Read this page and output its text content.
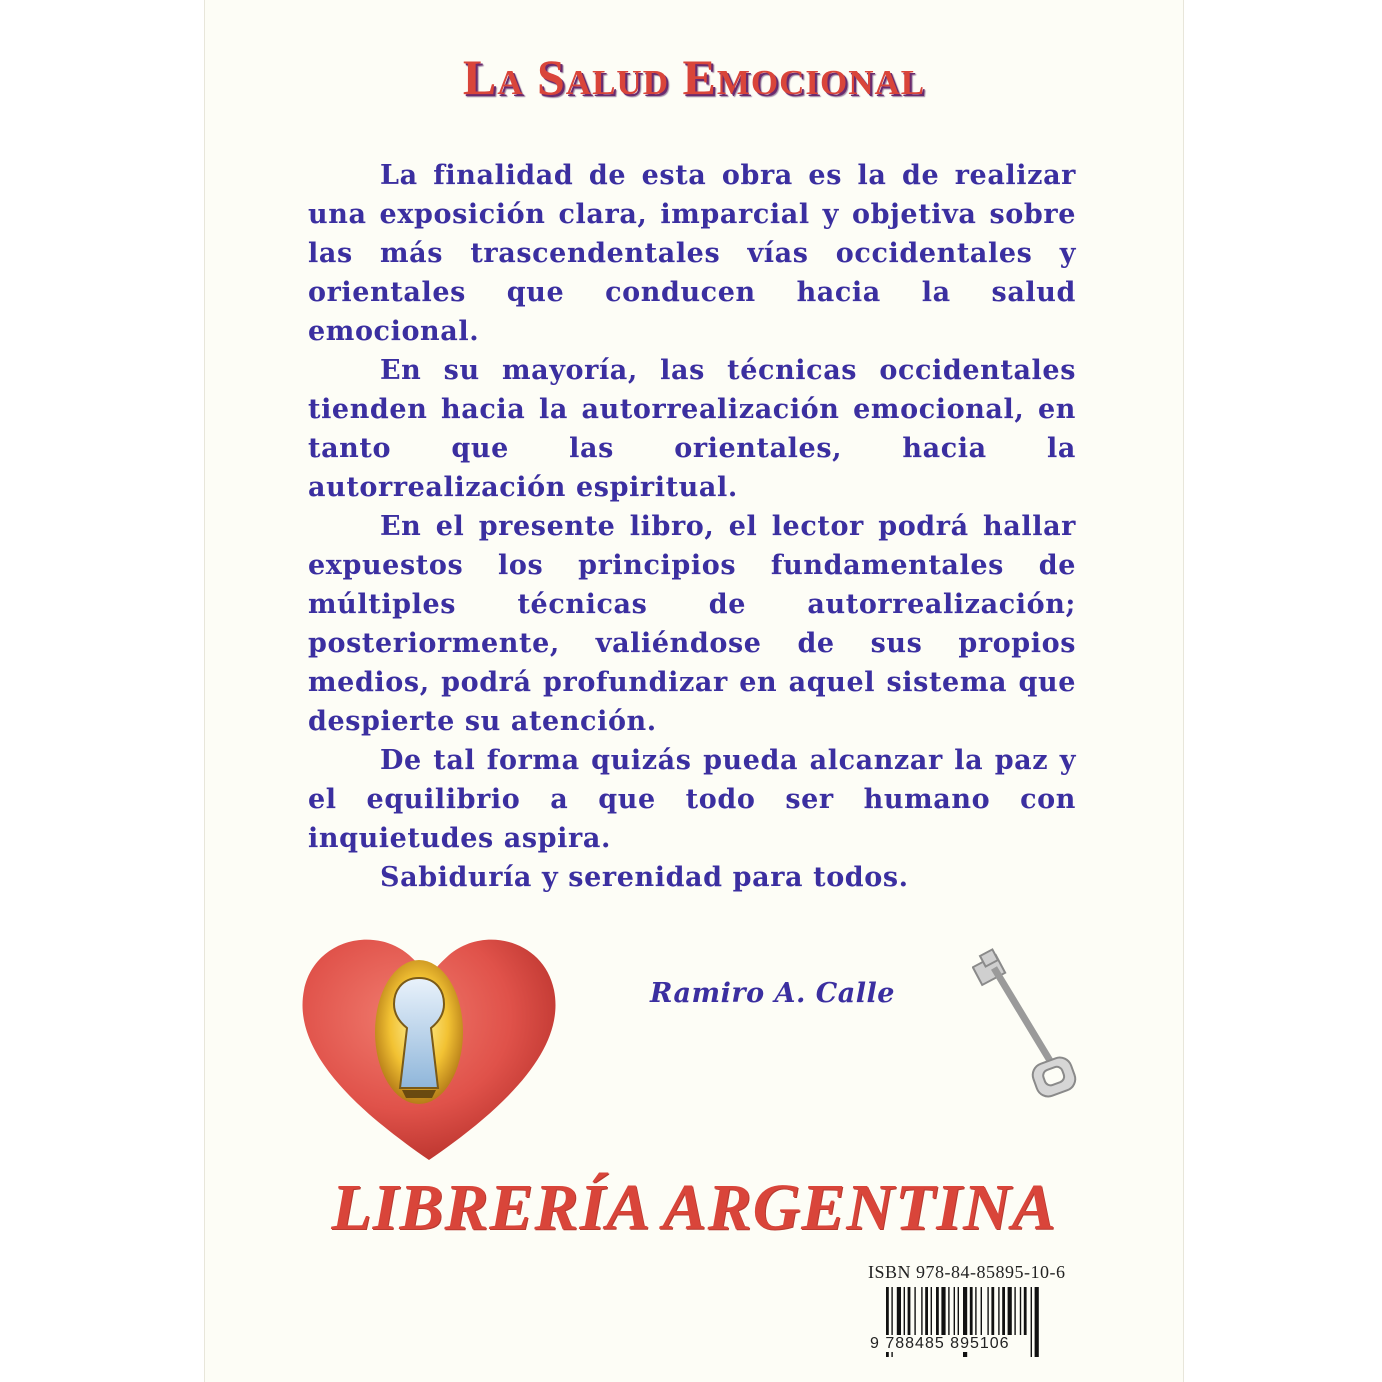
La Salud Emocional

La finalidad de esta obra es la de realizar una exposición clara, imparcial y objetiva sobre las más trascendentales vías occidentales y orientales que conducen hacia la salud emocional.

En su mayoría, las técnicas occidentales tienden hacia la autorrealización emocional, en tanto que las orientales, hacia la autorrealización espiritual.

En el presente libro, el lector podrá hallar expuestos los principios fundamentales de múltiples técnicas de autorrealización; posteriormente, valiéndose de sus propios medios, podrá profundizar en aquel sistema que despierte su atención.

De tal forma quizás pueda alcanzar la paz y el equilibrio a que todo ser humano con inquietudes aspira.

Sabiduría y serenidad para todos.

Ramiro A. Calle
LIBRERÍA ARGENTINA
ISBN 978-84-85895-10-6
9 788485 895106
